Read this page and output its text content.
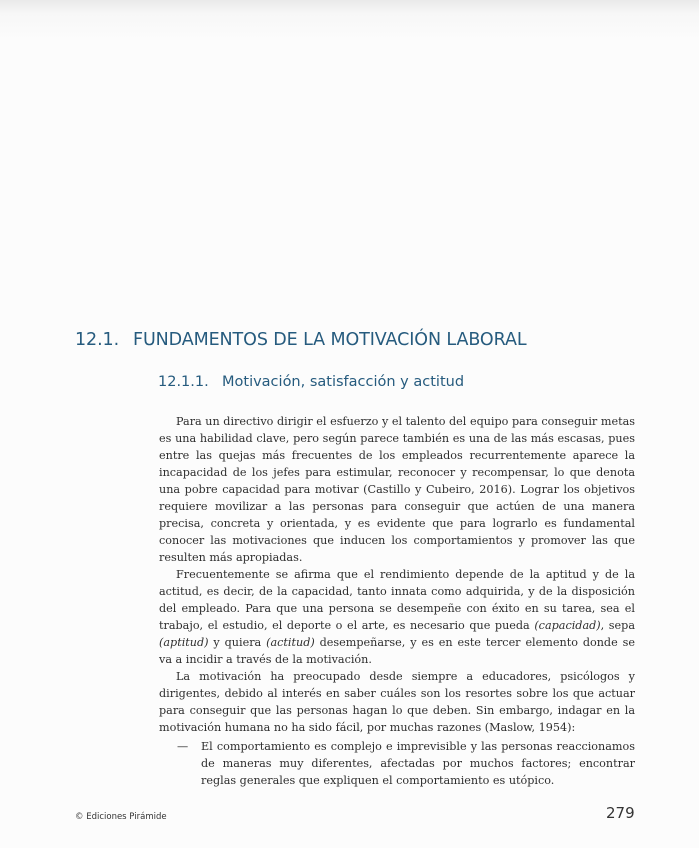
12.1. FUNDAMENTOS DE LA MOTIVACIÓN LABORAL
12.1.1. Motivación, satisfacción y actitud

Para un directivo dirigir el esfuerzo y el talento del equipo para conseguir metas es una habilidad clave, pero según parece también es una de las más escasas, pues entre las quejas más frecuentes de los empleados recurrentemente aparece la incapacidad de los jefes para estimular, reconocer y recompensar, lo que denota una pobre capacidad para motivar (Castillo y Cubeiro, 2016). Lograr los objetivos requiere movilizar a las personas para conseguir que actúen de una manera precisa, concreta y orientada, y es evidente que para lograrlo es fundamental conocer las motivaciones que inducen los comportamientos y promover las que resulten más apropiadas.

Frecuentemente se afirma que el rendimiento depende de la aptitud y de la actitud, es decir, de la capacidad, tanto innata como adquirida, y de la disposición del empleado. Para que una persona se desempeñe con éxito en su tarea, sea el trabajo, el estudio, el deporte o el arte, es necesario que pueda (capacidad), sepa (aptitud) y quiera (actitud) desempeñarse, y es en este tercer elemento donde se va a incidir a través de la motivación.

La motivación ha preocupado desde siempre a educadores, psicólogos y dirigentes, debido al interés en saber cuáles son los resortes sobre los que actuar para conseguir que las personas hagan lo que deben. Sin embargo, indagar en la motivación humana no ha sido fácil, por muchas razones (Maslow, 1954):

— El comportamiento es complejo e imprevisible y las personas reaccionamos de maneras muy diferentes, afectadas por muchos factores; encontrar reglas generales que expliquen el comportamiento es utópico.
© Ediciones Pirámide	279
